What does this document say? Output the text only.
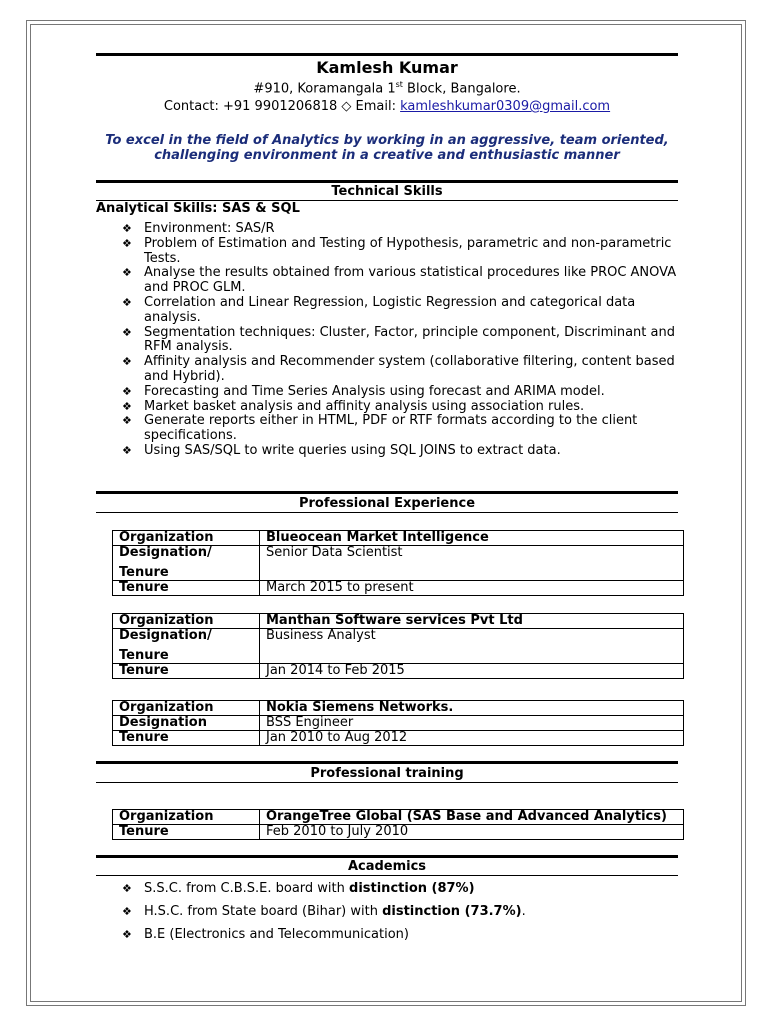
Kamlesh Kumar
#910, Koramangala 1st Block, Bangalore.
Contact: +91 9901206818 ◇ Email: kamleshkumar0309@gmail.com
To excel in the field of Analytics by working in an aggressive, team oriented,
challenging environment in a creative and enthusiastic manner
Technical Skills
Analytical Skills: SAS & SQL
❖ Environment: SAS/R
❖ Problem of Estimation and Testing of Hypothesis, parametric and non-parametric Tests.
❖ Analyse the results obtained from various statistical procedures like PROC ANOVA and PROC GLM.
❖ Correlation and Linear Regression, Logistic Regression and categorical data analysis.
❖ Segmentation techniques: Cluster, Factor, principle component, Discriminant and RFM analysis.
❖ Affinity analysis and Recommender system (collaborative filtering, content based and Hybrid).
❖ Forecasting and Time Series Analysis using forecast and ARIMA model.
❖ Market basket analysis and affinity analysis using association rules.
❖ Generate reports either in HTML, PDF or RTF formats according to the client specifications.
❖ Using SAS/SQL to write queries using SQL JOINS to extract data.
Professional Experience
Organization	Blueocean Market Intelligence

Designation/
Tenure	Senior Data Scientist
Tenure	March 2015 to present
Organization	Manthan Software services Pvt Ltd

Designation/
Tenure	Business Analyst
Tenure	Jan 2014 to Feb 2015
Organization	Nokia Siemens Networks.
Designation	BSS Engineer
Tenure	Jan 2010 to Aug 2012
Professional training
Organization	OrangeTree Global (SAS Base and Advanced Analytics)
Tenure	Feb 2010 to July 2010
Academics
❖ S.S.C. from C.B.S.E. board with distinction (87%)
❖ H.S.C. from State board (Bihar) with distinction (73.7%).
❖ B.E (Electronics and Telecommunication)
